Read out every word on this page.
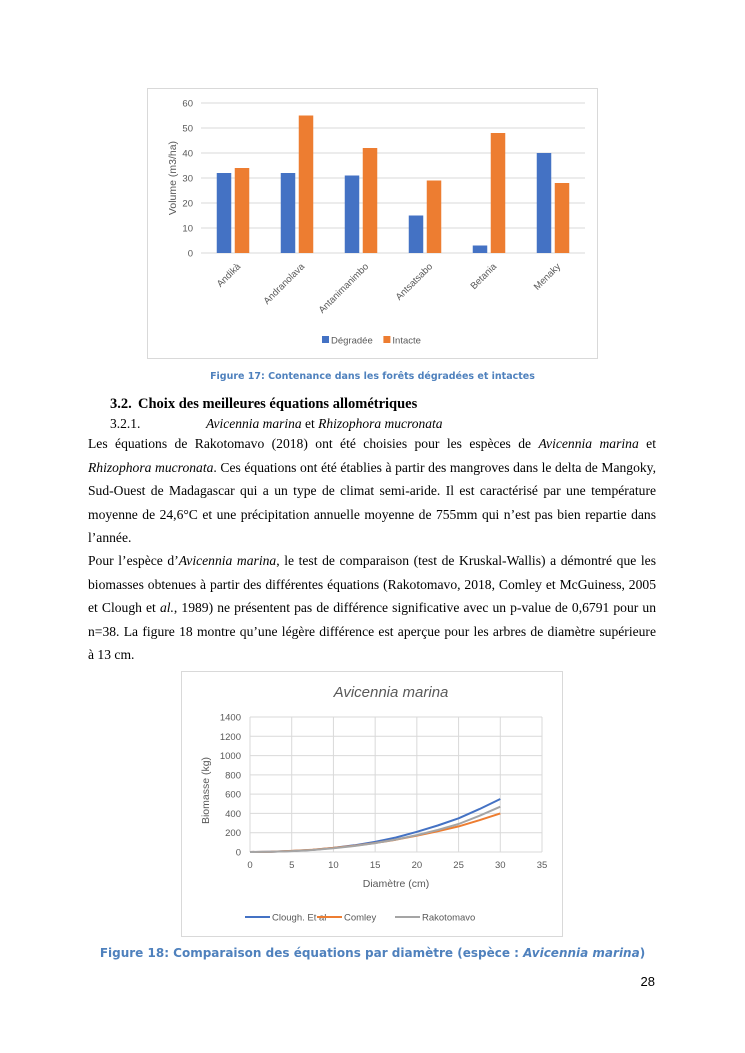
0
10
20
30
40
50
60
Volume (m3/ha)
Andikà Andranolava Antanimanimbo Antsatsabo	Betania	Menaky
Dégradée Intacte
Figure 17: Contenance dans les forêts dégradées et intactes
3.2. Choix des meilleures équations allométriques
3.2.1.	Avicennia marina et Rhizophora mucronata
Les équations de Rakotomavo (2018) ont été choisies pour les espèces de Avicennia marina et
Rhizophora mucronata. Ces équations ont été établies à partir des mangroves dans le delta de Mangoky,
Sud-Ouest de Madagascar qui a un type de climat semi-aride. Il est caractérisé par une température
moyenne de 24,6°C et une précipitation annuelle moyenne de 755mm qui n’est pas bien repartie dans
l’année.
Pour l’espèce d’Avicennia marina, le test de comparaison (test de Kruskal-Wallis) a démontré que les
biomasses obtenues à partir des différentes équations (Rakotomavo, 2018, Comley et McGuiness, 2005
et Clough et al., 1989) ne présentent pas de différence significative avec un p-value de 0,6791 pour un
n=38. La figure 18 montre qu’une légère différence est aperçue pour les arbres de diamètre supérieure
à 13 cm.
Avicennia marina
0
200
400
600
800
1000
1200
1400
0	5	10	15	20	25	30	35
Diamètre (cm)
Biomasse (kg)
Clough. Et al Comley	Rakotomavo
Figure 18: Comparaison des équations par diamètre (espèce : Avicennia marina)
28
